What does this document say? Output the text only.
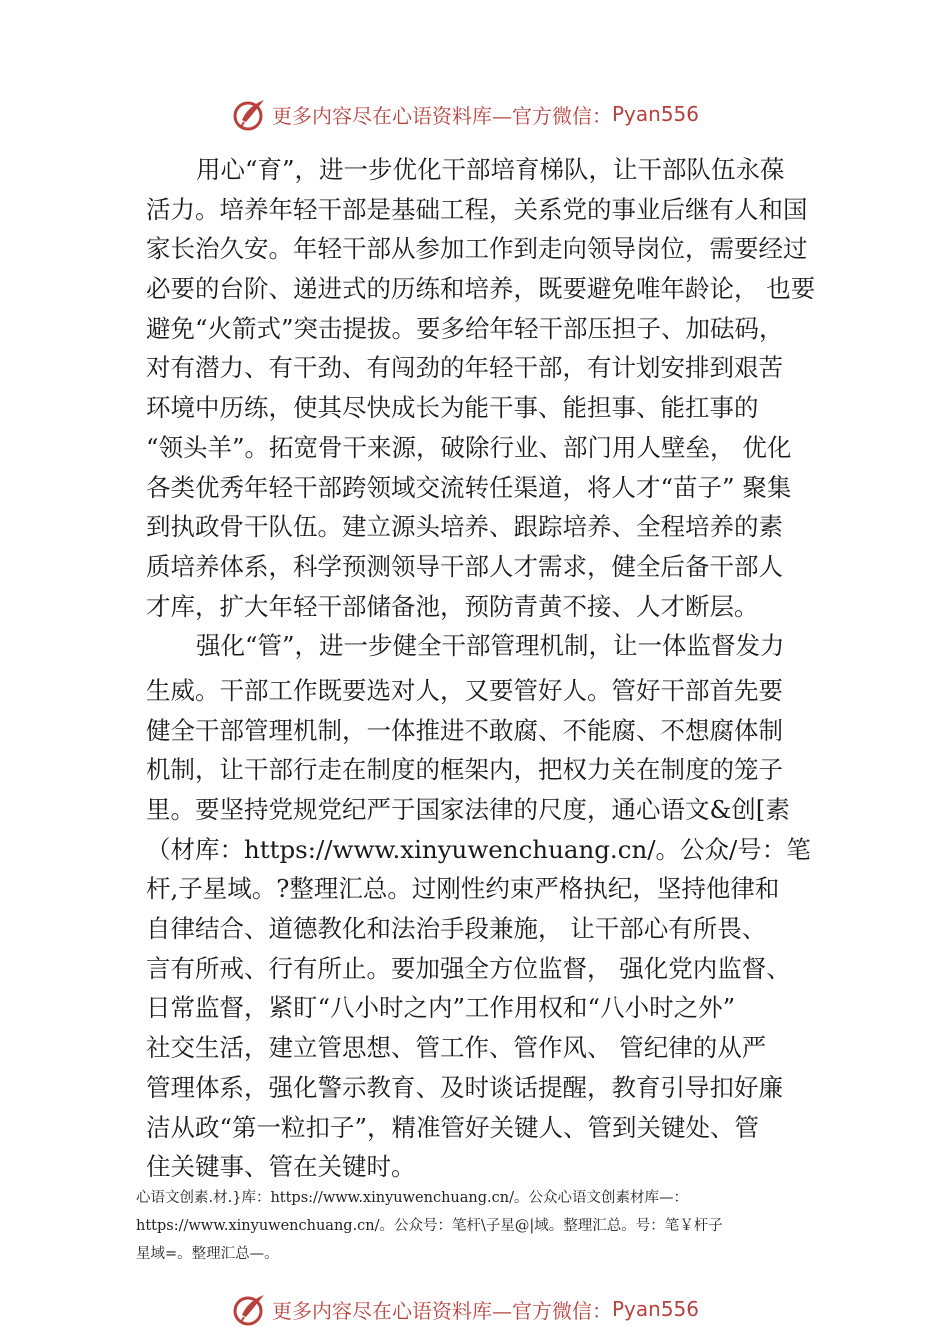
更多内容尽在心语资料库—官方微信： Pyan556
用心“育”，进一步优化干部培育梯队，让干部队伍永葆
活力。培养年轻干部是基础工程，关系党的事业后继有人和国
家长治久安。年轻干部从参加工作到走向领导岗位，需要经过
必要的台阶、递进式的历练和培养，既要避免唯年龄论， 也要
避免“火箭式”突击提拔。要多给年轻干部压担子、加砝码，
对有潜力、有干劲、有闯劲的年轻干部，有计划安排到艰苦
环境中历练，使其尽快成长为能干事、能担事、能扛事的
“领头羊”。拓宽骨干来源，破除行业、部门用人壁垒， 优化
各类优秀年轻干部跨领域交流转任渠道，将人才“苗子” 聚集
到执政骨干队伍。建立源头培养、跟踪培养、全程培养的素
质培养体系，科学预测领导干部人才需求，健全后备干部人
才库，扩大年轻干部储备池，预防青黄不接、人才断层。
强化“管”，进一步健全干部管理机制，让一体监督发力
生威。干部工作既要选对人，又要管好人。管好干部首先要
健全干部管理机制，一体推进不敢腐、不能腐、不想腐体制
机制，让干部行走在制度的框架内，把权力关在制度的笼子
里。要坚持党规党纪严于国家法律的尺度，通心语文&创[素
（材库：https://www.xinyuwenchuang.cn/。公众/号：笔
杆,子星域。?整理汇总。过刚性约束严格执纪，坚持他律和
自律结合、道德教化和法治手段兼施， 让干部心有所畏、
言有所戒、行有所止。要加强全方位监督， 强化党内监督、
日常监督，紧盯“八小时之内”工作用权和“八小时之外”
社交生活，建立管思想、管工作、管作风、 管纪律的从严
管理体系，强化警示教育、及时谈话提醒，教育引导扣好廉
洁从政“第一粒扣子”，精准管好关键人、管到关键处、管
住关键事、管在关键时。
心语文创素.材.}库：https://www.xinyuwenchuang.cn/。公众心语文创素材库—：
https://www.xinyuwenchuang.cn/。公众号：笔杆\子星@|域。整理汇总。号：笔￥杆子
星域=。整理汇总—。
更多内容尽在心语资料库—官方微信： Pyan556
